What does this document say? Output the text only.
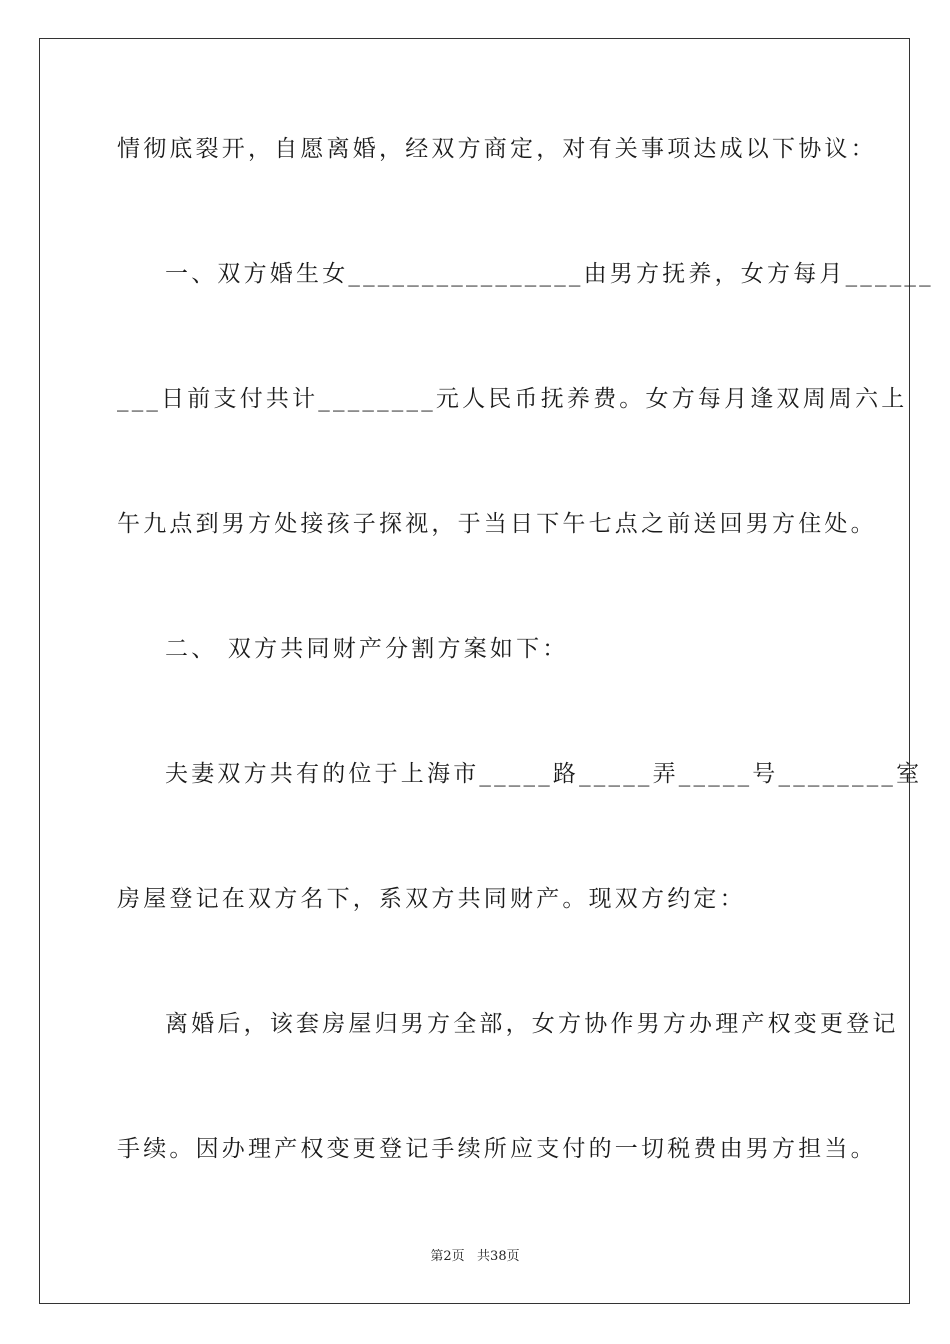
情彻底裂开，自愿离婚，经双方商定，对有关事项达成以下协议：
一、双方婚生女________________由男方抚养，女方每月______
___日前支付共计________元人民币抚养费。女方每月逢双周周六上
午九点到男方处接孩子探视，于当日下午七点之前送回男方住处。
二、 双方共同财产分割方案如下：
夫妻双方共有的位于上海市_____路_____弄_____号________室
房屋登记在双方名下，系双方共同财产。现双方约定：
离婚后，该套房屋归男方全部，女方协作男方办理产权变更登记
手续。因办理产权变更登记手续所应支付的一切税费由男方担当。
第2页   共38页
